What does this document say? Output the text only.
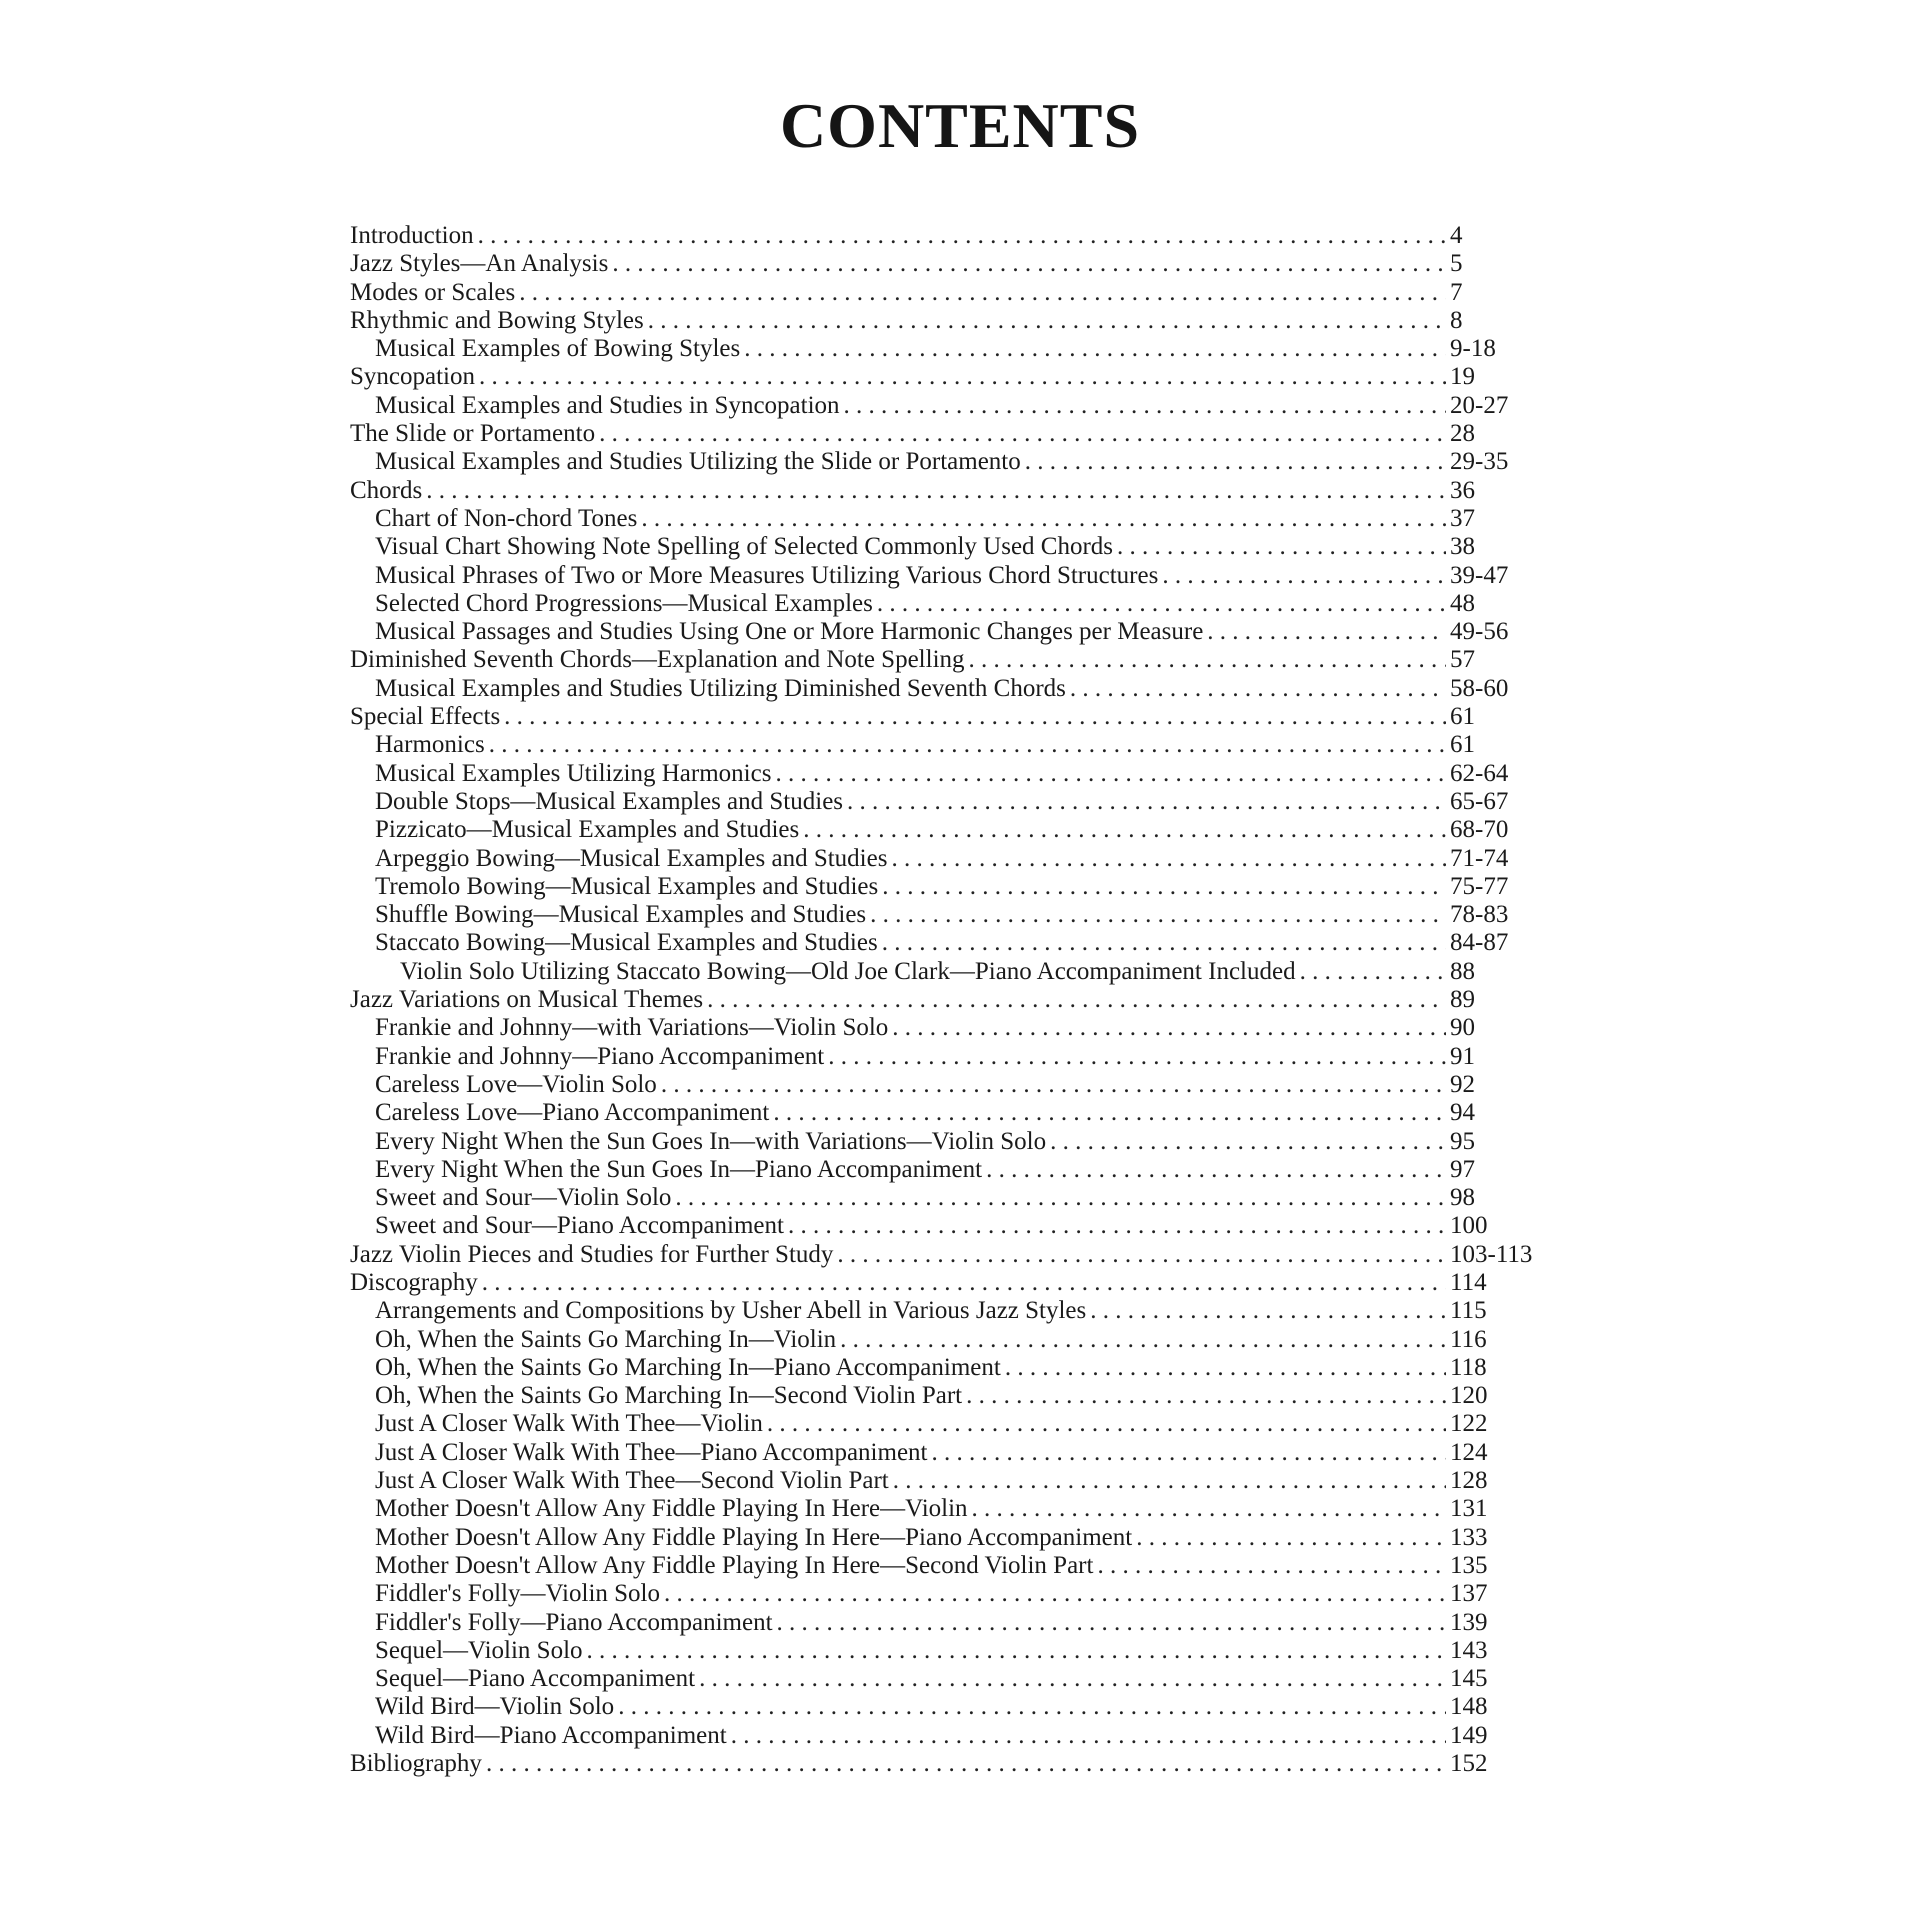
CONTENTS
Introduction . . .	4
Jazz Styles—An Analysis . . .	5
Modes or Scales . . .	7
Rhythmic and Bowing Styles . . .	8
Musical Examples of Bowing Styles . . .	9-18
Syncopation . . .	19
Musical Examples and Studies in Syncopation . . .	20-27
The Slide or Portamento . . .	28
Musical Examples and Studies Utilizing the Slide or Portamento . . .	29-35
Chords . . .	36
Chart of Non-chord Tones . . .	37
Visual Chart Showing Note Spelling of Selected Commonly Used Chords . . .	38
Musical Phrases of Two or More Measures Utilizing Various Chord Structures . . .	39-47
Selected Chord Progressions—Musical Examples . . .	48
Musical Passages and Studies Using One or More Harmonic Changes per Measure . . .	49-56
Diminished Seventh Chords—Explanation and Note Spelling . . .	57
Musical Examples and Studies Utilizing Diminished Seventh Chords . . .	58-60
Special Effects . . .	61
Harmonics . . .	61
Musical Examples Utilizing Harmonics . . .	62-64
Double Stops—Musical Examples and Studies . . .	65-67
Pizzicato—Musical Examples and Studies . . .	68-70
Arpeggio Bowing—Musical Examples and Studies . . .	71-74
Tremolo Bowing—Musical Examples and Studies . . .	75-77
Shuffle Bowing—Musical Examples and Studies . . .	78-83
Staccato Bowing—Musical Examples and Studies . . .	84-87
Violin Solo Utilizing Staccato Bowing—Old Joe Clark—Piano Accompaniment Included . . .	88
Jazz Variations on Musical Themes . . .	89
Frankie and Johnny—with Variations—Violin Solo . . .	90
Frankie and Johnny—Piano Accompaniment . . .	91
Careless Love—Violin Solo . . .	92
Careless Love—Piano Accompaniment . . .	94
Every Night When the Sun Goes In—with Variations—Violin Solo . . .	95
Every Night When the Sun Goes In—Piano Accompaniment . . .	97
Sweet and Sour—Violin Solo . . .	98
Sweet and Sour—Piano Accompaniment . . .	100
Jazz Violin Pieces and Studies for Further Study . . .	103-113
Discography . . .	114
Arrangements and Compositions by Usher Abell in Various Jazz Styles . . .	115
Oh, When the Saints Go Marching In—Violin . . .	116
Oh, When the Saints Go Marching In—Piano Accompaniment . . .	118
Oh, When the Saints Go Marching In—Second Violin Part . . .	120
Just A Closer Walk With Thee—Violin . . .	122
Just A Closer Walk With Thee—Piano Accompaniment . . .	124
Just A Closer Walk With Thee—Second Violin Part . . .	128
Mother Doesn't Allow Any Fiddle Playing In Here—Violin . . .	131
Mother Doesn't Allow Any Fiddle Playing In Here—Piano Accompaniment . . .	133
Mother Doesn't Allow Any Fiddle Playing In Here—Second Violin Part . . .	135
Fiddler's Folly—Violin Solo . . .	137
Fiddler's Folly—Piano Accompaniment . . .	139
Sequel—Violin Solo . . .	143
Sequel—Piano Accompaniment . . .	145
Wild Bird—Violin Solo . . .	148
Wild Bird—Piano Accompaniment . . .	149
Bibliography . . .	152
